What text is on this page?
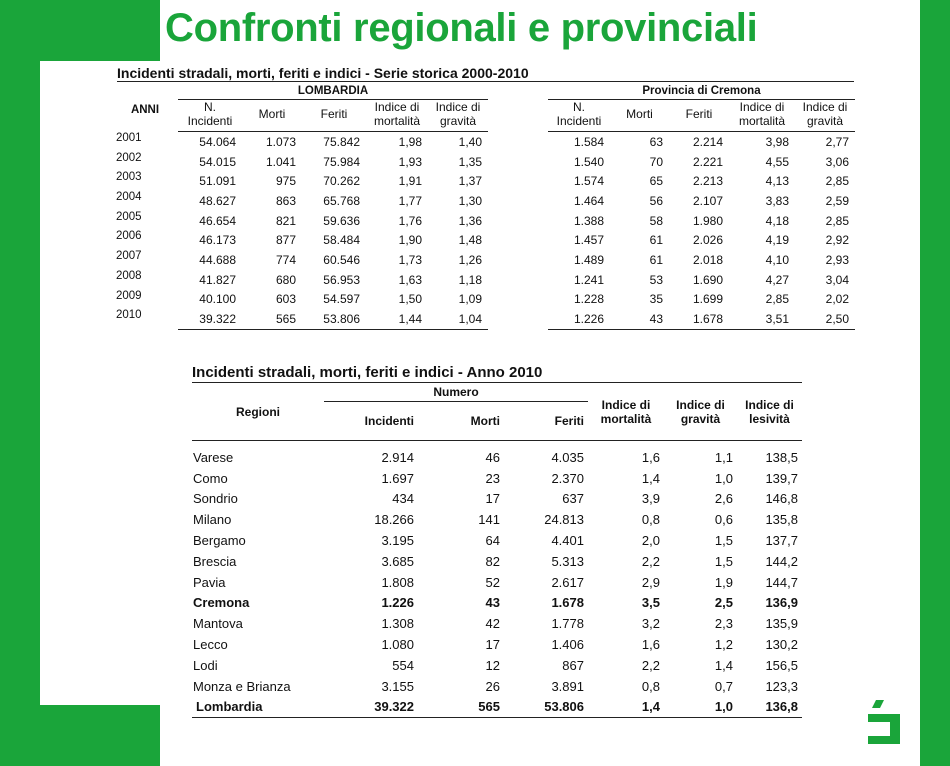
Confronti regionali e provinciali
Incidenti stradali, morti, feriti e indici - Serie storica 2000-2010
	LOMBARDIA						Provincia di Cremona				
ANNI	N.
Incidenti	Morti	Feriti	Indice di
mortalità	Indice di
gravità		N.
Incidenti	Morti	Feriti	Indice di
mortalità	Indice di
gravità
2001	54.064	1.073	75.842	1,98	1,40		1.584	63	2.214	3,98	2,77
2002	54.015	1.041	75.984	1,93	1,35		1.540	70	2.221	4,55	3,06
2003	51.091	975	70.262	1,91	1,37		1.574	65	2.213	4,13	2,85
2004	48.627	863	65.768	1,77	1,30		1.464	56	2.107	3,83	2,59
2005	46.654	821	59.636	1,76	1,36		1.388	58	1.980	4,18	2,85
2006	46.173	877	58.484	1,90	1,48		1.457	61	2.026	4,19	2,92
2007	44.688	774	60.546	1,73	1,26		1.489	61	2.018	4,10	2,93
2008	41.827	680	56.953	1,63	1,18		1.241	53	1.690	4,27	3,04
2009	40.100	603	54.597	1,50	1,09		1.228	35	1.699	2,85	2,02
2010	39.322	565	53.806	1,44	1,04		1.226	43	1.678	3,51	2,50
Incidenti stradali, morti, feriti e indici - Anno 2010
Regioni	Numero			Indice di
mortalità	Indice di
gravità	Indice di
lesività
	Incidenti	Morti	Feriti			
Varese	2.914	46	4.035	1,6	1,1	138,5
Como	1.697	23	2.370	1,4	1,0	139,7
Sondrio	434	17	637	3,9	2,6	146,8
Milano	18.266	141	24.813	0,8	0,6	135,8
Bergamo	3.195	64	4.401	2,0	1,5	137,7
Brescia	3.685	82	5.313	2,2	1,5	144,2
Pavia	1.808	52	2.617	2,9	1,9	144,7
Cremona	1.226	43	1.678	3,5	2,5	136,9
Mantova	1.308	42	1.778	3,2	2,3	135,9
Lecco	1.080	17	1.406	1,6	1,2	130,2
Lodi	554	12	867	2,2	1,4	156,5
Monza e Brianza	3.155	26	3.891	0,8	0,7	123,3
Lombardia	39.322	565	53.806	1,4	1,0	136,8
